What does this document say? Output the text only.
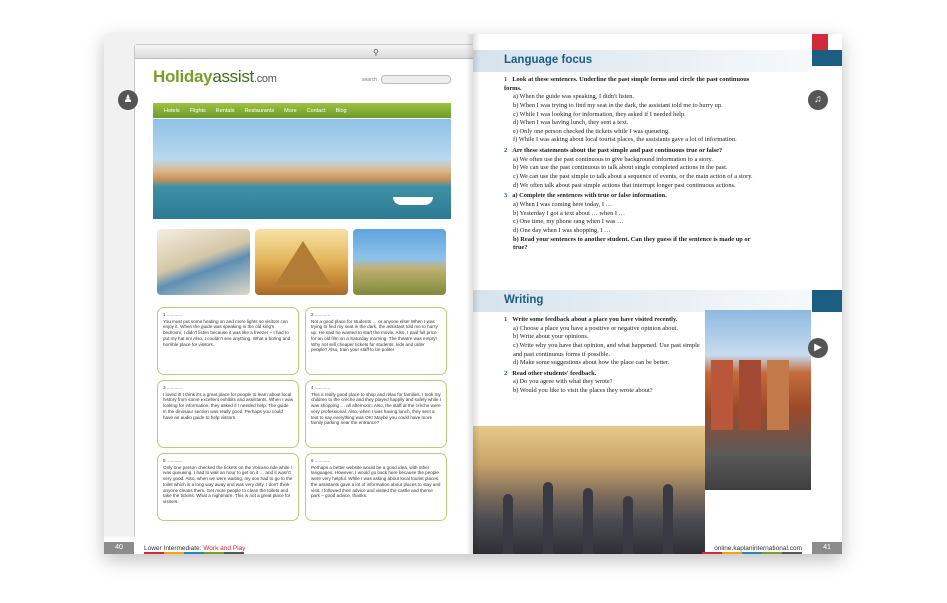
⚲
Holidayassist.com	search
Hotels	Flights	Rentals	Restaurants	More	Contact	Blog
1 ............
You must put some heating on and more lights so visitors can enjoy it. When the guide was speaking in the old king's bedroom, I didn't listen because it was like a freezer – I had to put my hat on! Also, I couldn't see anything. What a boring and horrible place for visitors.
2 ............
Not a good place for students … or anyone else! When I was trying to find my seat in the dark, the assistant told me to hurry up. He said he wanted to start the movie. Also, I paid full price for an old film on a Saturday morning. The theatre was empty! Why not sell cheaper tickets for students, kids and older people? Also, train your staff to be polite!
3 ............
I loved it! I think it's a great place for people to learn about local history from some excellent exhibits and assistants. When I was looking for information, they asked if I needed help. The guide in the dinosaur section was really good. Perhaps you could have an audio guide to help visitors.
4 ............
This a really good place to shop and relax for families. I took my children to the crèche and they played happily and safely while I was shopping … all afternoon. Also, the staff at the crèche were very professional. Also, when I was having lunch, they sent a text to say everything was OK! Maybe you could have more family parking near the entrance?
5 ............
Only one person checked the tickets on the Volcano ride while I was queueing. I had to wait an hour to get on it … and it wasn't very good. Also, when we were waiting, my son had to go to the toilet which is a long way away and was very dirty. I don't think anyone cleans them. Get more people to clean the toilets and take the tickets. What a nightmare. This is not a great place for visitors.
6 ............
Perhaps a better website would be a good idea, with other languages. However, I would go back here because the people were very helpful. While I was asking about local tourist places, the assistants gave a lot of information about places to stay and visit. I followed their advice and visited the castle and theme park – good advice, thanks.
40	Lower Intermediate: Work and Play
Language focus
1 Look at these sentences. Underline the past simple forms and circle the past continuous forms.
a) When the guide was speaking, I didn't listen.
b) When I was trying to find my seat in the dark, the assistant told me to hurry up.
c) While I was looking for information, they asked if I needed help.
d) When I was having lunch, they sent a text.
e) Only one person checked the tickets while I was queueing.
f) While I was asking about local tourist places, the assistants gave a lot of information.
2 Are these statements about the past simple and past continuous true or false?
a) We often use the past continuous to give background information to a story.
b) We can use the past continuous to talk about single completed actions in the past.
c) We can use the past simple to talk about a sequence of events, or the main action of a story.
d) We often talk about past simple actions that interrupt longer past continuous actions.
3 a) Complete the sentences with true or false information.
a) When I was coming here today, I …
b) Yesterday I got a text about … when I …
c) One time, my phone rang when I was …
d) One day when I was shopping, I …
b) Read your sentences to another student. Can they guess if the sentence is made up or true?
Writing
1 Write some feedback about a place you have visited recently.
a) Choose a place you have a positive or negative opinion about.
b) Write about your opinions.
c) Write why you have that opinion, and what happened. Use past simple and past continuous forms if possible.
d) Make some suggestions about how the place can be better.
2 Read other students' feedback.
a) Do you agree with what they wrote?
b) Would you like to visit the places they wrote about?
online.kaplaninternational.com	41
♟	♫
▶
